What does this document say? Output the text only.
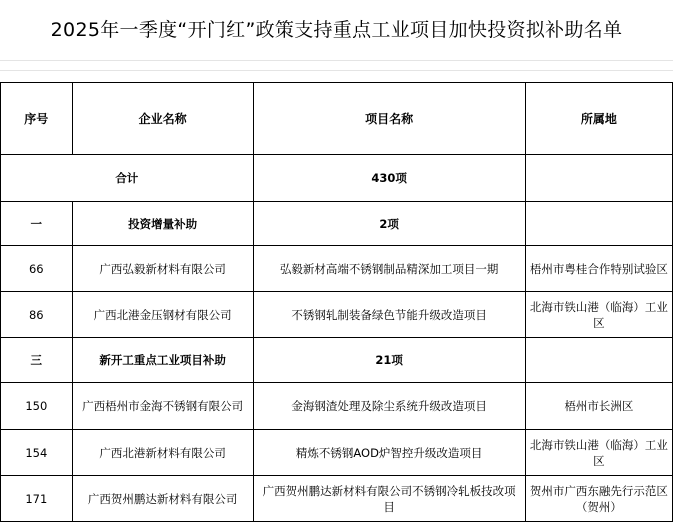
2025年一季度“开门红”政策支持重点工业项目加快投资拟补助名单
序号	企业名称	项目名称	所属地
合计		430项	
一	投资增量补助	2项	
66	广西弘毅新材料有限公司	弘毅新材高端不锈钢制品精深加工项目一期	梧州市粤桂合作特别试验区
86	广西北港金压钢材有限公司	不锈钢轧制装备绿色节能升级改造项目	北海市铁山港（临海）工业区
三	新开工重点工业项目补助	21项	
150	广西梧州市金海不锈钢有限公司	金海钢渣处理及除尘系统升级改造项目	梧州市长洲区
154	广西北港新材料有限公司	精炼不锈钢AOD炉智控升级改造项目	北海市铁山港（临海）工业区
171	广西贺州鹏达新材料有限公司	广西贺州鹏达新材料有限公司不锈钢冷轧板技改项目	贺州市广西东融先行示范区（贺州）
